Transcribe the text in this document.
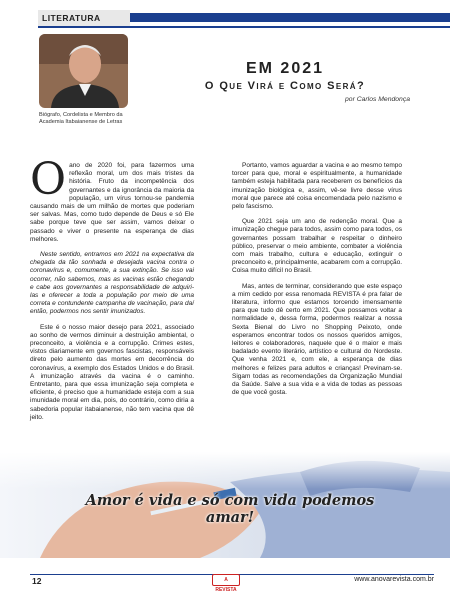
LITERATURA
Biógrafo, Cordelista e Membro da Academia Itabaianense de Letras
EM 2021
O Que Virá e Como Será?
por Carlos Mendonça

Oano de 2020 foi, para fazermos uma reflexão moral, um dos mais tristes da história. Fruto da incompetência dos governantes e da ignorância da maioria da população, um vírus tornou-se pandemia causando mais de um milhão de mortes que poderiam ser salvas. Mas, como tudo depende de Deus e só Ele sabe porque teve que ser assim, vamos deixar o passado e viver o presente na esperança de dias melhores.

Neste sentido, entramos em 2021 na expectativa da chegada da tão sonhada e desejada vacina contra o coronavírus e, comumente, a sua extinção. Se isso vai ocorrer, não sabemos, mas as vacinas estão chegando e cabe aos governantes a responsabilidade de adquiri-las e oferecer a toda a população por meio de uma correta e contundente campanha de vacinação, para daí então, podermos nos sentir imunizados.

Este é o nosso maior desejo para 2021, associado ao sonho de vermos diminuir a destruição ambiental, o preconceito, a violência e a corrupção. Crimes estes, vistos diariamente em governos fascistas, responsáveis direto pelo aumento das mortes em decorrência do coronavírus, a exemplo dos Estados Unidos e do Brasil. A imunização através da vacina é o caminho. Entretanto, para que essa imunização seja completa e eficiente, é preciso que a humanidade esteja com a sua imunidade moral em dia, pois, do contrário, como diria a sabedoria popular itabaianense, não tem vacina que dê jeito.

Portanto, vamos aguardar a vacina e ao mesmo tempo torcer para que, moral e espiritualmente, a humanidade também esteja habilitada para receberem os benefícios da imunização biológica e, assim, vê-se livre desse vírus moral que parece até coisa encomendada pelo nazismo e pelo fascismo.

Que 2021 seja um ano de redenção moral. Que a imunização chegue para todos, assim como para todos, os governantes possam trabalhar e respeitar o dinheiro público, preservar o meio ambiente, combater a violência com mais trabalho, cultura e educação, extinguir o preconceito e, principalmente, acabarem com a corrupção. Coisa muito difícil no Brasil.

Mas, antes de terminar, considerando que este espaço a mim cedido por essa renomada REVISTA é pra falar de literatura, informo que estamos torcendo imensamente para que tudo dê certo em 2021. Que possamos voltar a normalidade e, dessa forma, podermos realizar a nossa Sexta Bienal do Livro no Shopping Peixoto, onde esperamos encontrar todos os nossos queridos amigos, leitores e colaboradores, naquele que é o maior e mais badalado evento literário, artístico e cultural do Nordeste. Que venha 2021 e, com ele, a esperança de dias melhores e felizes para adultos e crianças! Previnam-se. Sigam todas as recomendações da Organização Mundial da Saúde. Salve a sua vida e a vida de todas as pessoas de que você gosta.

Amor é vida e só com vida podemos amar!
12	A REVISTA
www.anovarevista.com.br
